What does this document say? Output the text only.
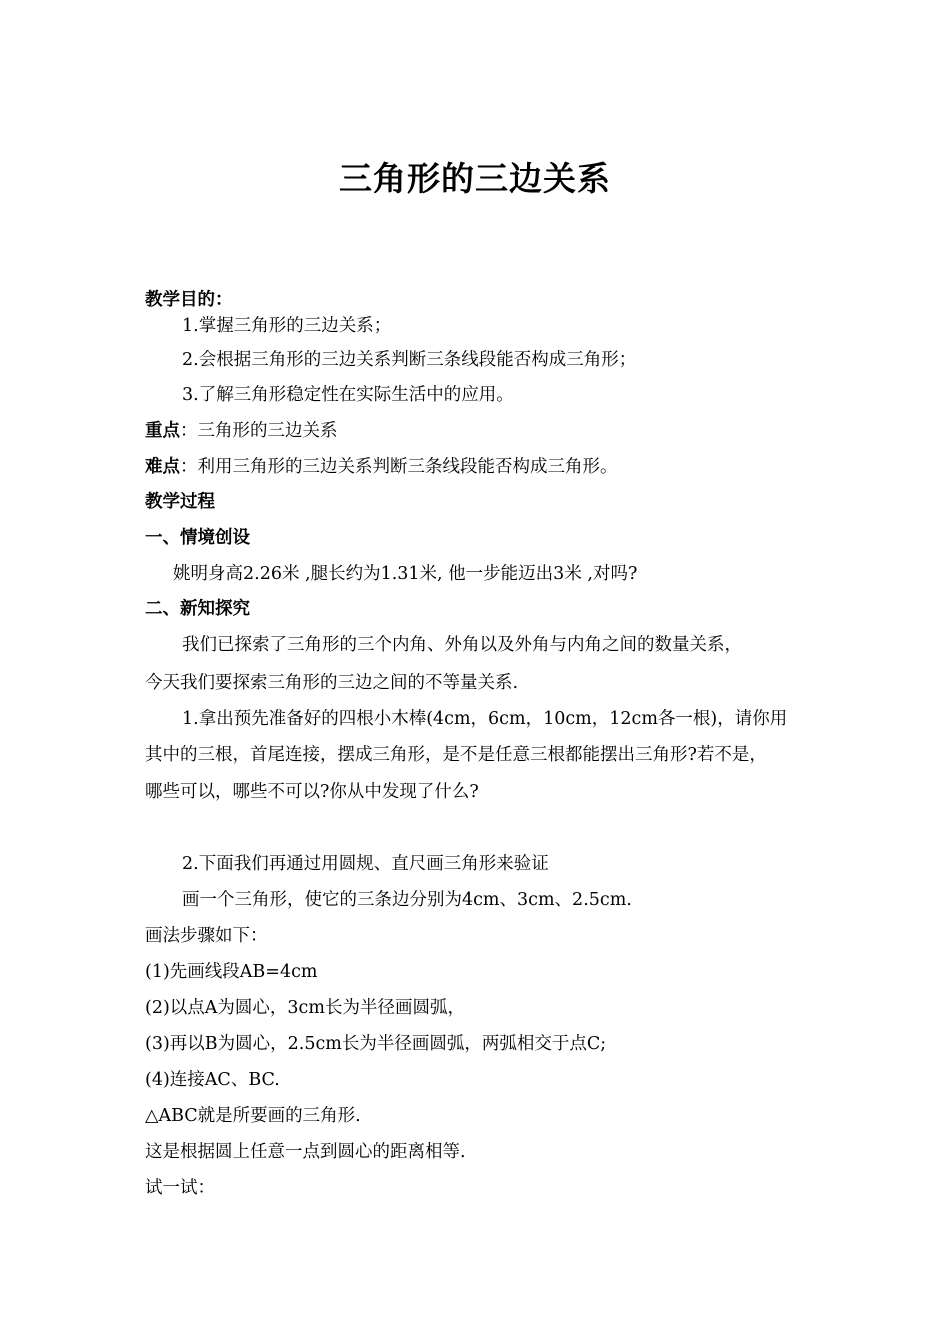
三角形的三边关系
教学目的：
1.掌握三角形的三边关系；
2.会根据三角形的三边关系判断三条线段能否构成三角形；
3.了解三角形稳定性在实际生活中的应用。
重点：三角形的三边关系
难点：利用三角形的三边关系判断三条线段能否构成三角形。
教学过程
一、情境创设
姚明身高2.26米 ,腿长约为1.31米, 他一步能迈出3米 ,对吗?
二、新知探究
我们已探索了三角形的三个内角、外角以及外角与内角之间的数量关系，
今天我们要探索三角形的三边之间的不等量关系.
1.拿出预先准备好的四根小木棒(4cm，6cm，10cm，12cm各一根)，请你用
其中的三根，首尾连接，摆成三角形，是不是任意三根都能摆出三角形?若不是，
哪些可以，哪些不可以?你从中发现了什么?
2.下面我们再通过用圆规、直尺画三角形来验证
画一个三角形，使它的三条边分别为4cm、3cm、2.5cm.
画法步骤如下：
(1)先画线段AB=4cm
(2)以点A为圆心，3cm长为半径画圆弧，
(3)再以B为圆心，2.5cm长为半径画圆弧，两弧相交于点C;
(4)连接AC、BC.
△ABC就是所要画的三角形.
这是根据圆上任意一点到圆心的距离相等.
试一试：
